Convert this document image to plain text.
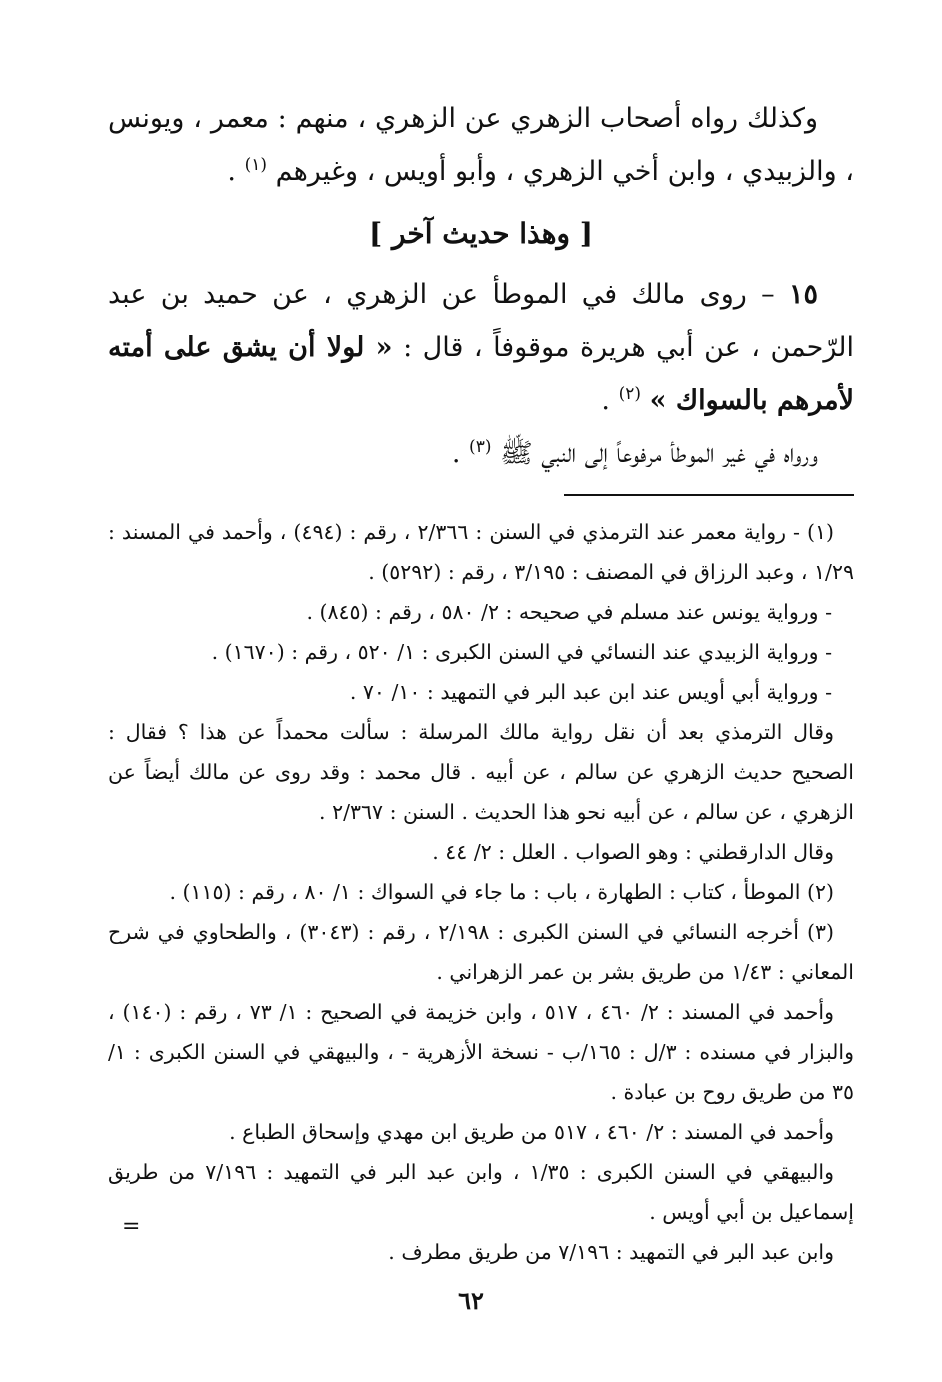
وكذلك رواه أصحاب الزهري عن الزهري ، منهم : معمر ، ويونس ، والزبيدي ، وابن أخي الزهري ، وأبو أويس ، وغيرهم $^{(١)}$ .

[ وهذا حديث آخر ]

١٥ – روى مالك في الموطأ عن الزهري ، عن حميد بن عبد الرّحمن ، عن أبي هريرة موقوفاً ، قال : « لولا أن يشق على أمته لأمرهم بالسواك » $^{(٢)}$ .

ورواه في غير الموطأ مرفوعاً إلى النبي ﷺ $^{(٣)}$ .

(١) - رواية معمر عند الترمذي في السنن : ٢/٣٦٦ ، رقم : (٤٩٤) ، وأحمد في المسند : ١/٢٩ ، وعبد الرزاق في المصنف : ٣/١٩٥ ، رقم : (٥٢٩٢) .

- ورواية يونس عند مسلم في صحيحه : ٢/ ٥٨٠ ، رقم : (٨٤٥) .

- ورواية الزبيدي عند النسائي في السنن الكبرى : ١/ ٥٢٠ ، رقم : (١٦٧٠) .

- ورواية أبي أويس عند ابن عبد البر في التمهيد : ١٠/ ٧٠ .

وقال الترمذي بعد أن نقل رواية مالك المرسلة : سألت محمداً عن هذا ؟ فقال : الصحيح حديث الزهري عن سالم ، عن أبيه . قال محمد : وقد روى عن مالك أيضاً عن الزهري ، عن سالم ، عن أبيه نحو هذا الحديث . السنن : ٢/٣٦٧ .

وقال الدارقطني : وهو الصواب . العلل : ٢/ ٤٤ .

(٢) الموطأ ، كتاب : الطهارة ، باب : ما جاء في السواك : ١/ ٨٠ ، رقم : (١١٥) .

(٣) أخرجه النسائي في السنن الكبرى : ٢/١٩٨ ، رقم : (٣٠٤٣) ، والطحاوي في شرح المعاني : ١/٤٣ من طريق بشر بن عمر الزهراني .

وأحمد في المسند : ٢/ ٤٦٠ ، ٥١٧ ، وابن خزيمة في الصحيح : ١/ ٧٣ ، رقم : (١٤٠) ، والبزار في مسنده : ٣/ل : ١٦٥/ب - نسخة الأزهرية - ، والبيهقي في السنن الكبرى : ١/ ٣٥ من طريق روح بن عبادة .

وأحمد في المسند : ٢/ ٤٦٠ ، ٥١٧ من طريق ابن مهدي وإسحاق الطباع .

والبيهقي في السنن الكبرى : ١/٣٥ ، وابن عبد البر في التمهيد : ٧/١٩٦ من طريق إسماعيل بن أبي أويس .

وابن عبد البر في التمهيد : ٧/١٩٦ من طريق مطرف .

=
٦٢
